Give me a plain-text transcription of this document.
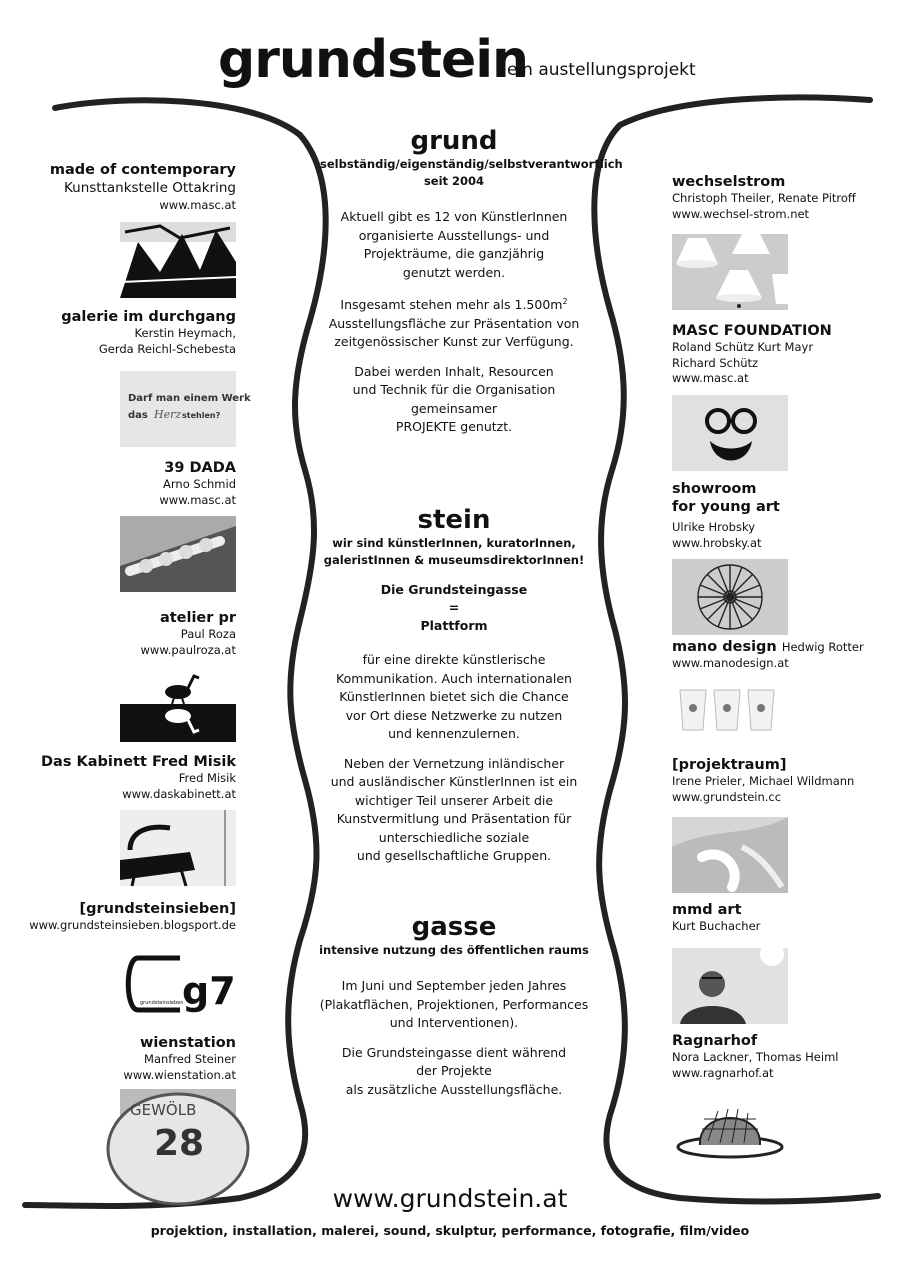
grundstein
ein austellungsprojekt
grund
selbständig/eigenständig/selbstverantwortlich
seit 2004
Aktuell gibt es 12 von KünstlerInnen
organisierte Ausstellungs- und
Projekträume, die ganzjährig
genutzt werden.
Insgesamt stehen mehr als $1.500m^2$
Ausstellungsfläche zur Präsentation von
zeitgenössischer Kunst zur Verfügung.
Dabei werden Inhalt, Resourcen
und Technik für die Organisation
gemeinsamer
PROJEKTE genutzt.
stein
wir sind künstlerInnen, kuratorInnen,
galeristInnen & museumsdirektorInnen!
Die Grundsteingasse
=
Plattform
für eine direkte künstlerische
Kommunikation. Auch internationalen
KünstlerInnen bietet sich die Chance
vor Ort diese Netzwerke zu nutzen
und kennenzulernen.
Neben der Vernetzung inländischer
und ausländischer KünstlerInnen ist ein
wichtiger Teil unserer Arbeit die
Kunstvermitlung und Präsentation für
unterschiedliche soziale
und gesellschaftliche Gruppen.
gasse
intensive nutzung des öffentlichen raums
Im Juni und September jeden Jahres
(Plakatflächen, Projektionen, Performances
und Interventionen).
Die Grundsteingasse dient während
der Projekte
als zusätzliche Ausstellungsfläche.
made of contemporary
Kunsttankstelle Ottakring
www.masc.at
galerie im durchgang
Kerstin Heymach,
Gerda Reichl-Schebesta
Darf man einem Werk
das Herz stehlen?
39 DADA
Arno Schmid
www.masc.at
atelier pr
Paul Roza
www.paulroza.at
Das Kabinett Fred Misik
Fred Misik
www.daskabinett.at
[grundsteinsieben]
www.grundsteinsieben.blogsport.de
grundsteinsieben
g7
wienstation
Manfred Steiner
www.wienstation.at
GEWÖLB
28
wechselstrom
Christoph Theiler, Renate Pitroff
www.wechsel-strom.net
MASC FOUNDATION
Roland Schütz Kurt Mayr
Richard Schütz
www.masc.at
showroom
for young art
Ulrike Hrobsky
www.hrobsky.at
mano design Hedwig Rotter
www.manodesign.at
[projektraum]
Irene Prieler, Michael Wildmann
www.grundstein.cc
mmd art
Kurt Buchacher
Ragnarhof
Nora Lackner, Thomas Heiml
www.ragnarhof.at
www.grundstein.at
projektion, installation, malerei, sound, skulptur, performance, fotografie, film/video
